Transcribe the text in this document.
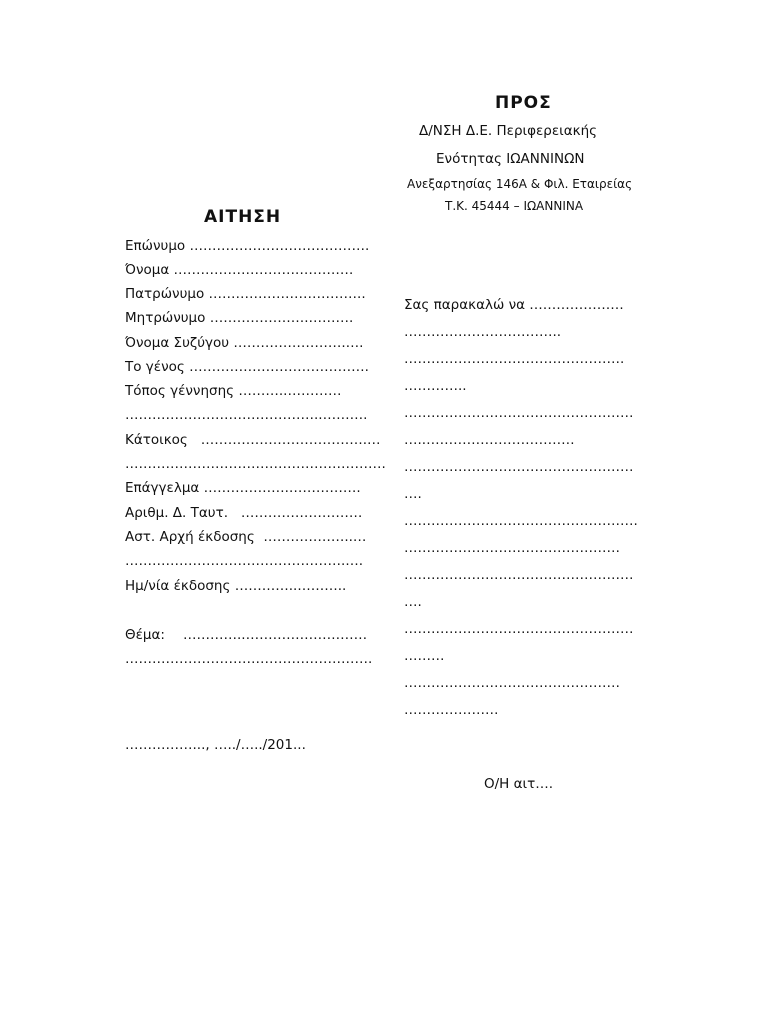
ΠΡΟΣ
Δ/ΝΣΗ Δ.Ε. Περιφερειακής
Ενότητας ΙΩΑΝΝΙΝΩΝ
Ανεξαρτησίας 146Α & Φιλ. Εταιρείας
Τ.Κ. 45444 – ΙΩΑΝΝΙΝΑ
ΑΙΤΗΣΗ
Επώνυμο ………………………………….
Όνομα ……………………….…………
Πατρώνυμο ……………………………..
Μητρώνυμο ………………….……….
Όνομα Συζύγου …………………….….
Το γένος ………………………………….
Τόπος γέννησης ………..…………
……………………………………..……….
Κάτοικος   ……………………………….…
………………………………………………….
Επάγγελμα ……………….…………….
Αριθμ. Δ. Ταυτ.   ………………………
Αστ. Αρχή έκδοσης  ………………..…
………………………………………….….
Ημ/νία έκδοσης …………..………..
Θέμα: …………..………………………
……………………………………………….
……………..., …../…../201...
Σας παρακαλώ να …………………
……………………………..
………………………………………….
…………..
……………………………………………
…..……………………………
……………………………………………
….
…………………………………………….
…………………………………………
……………………………………………
….
……………………………………………
………
…………………………………………
…………………
Ο/Η αιτ….
